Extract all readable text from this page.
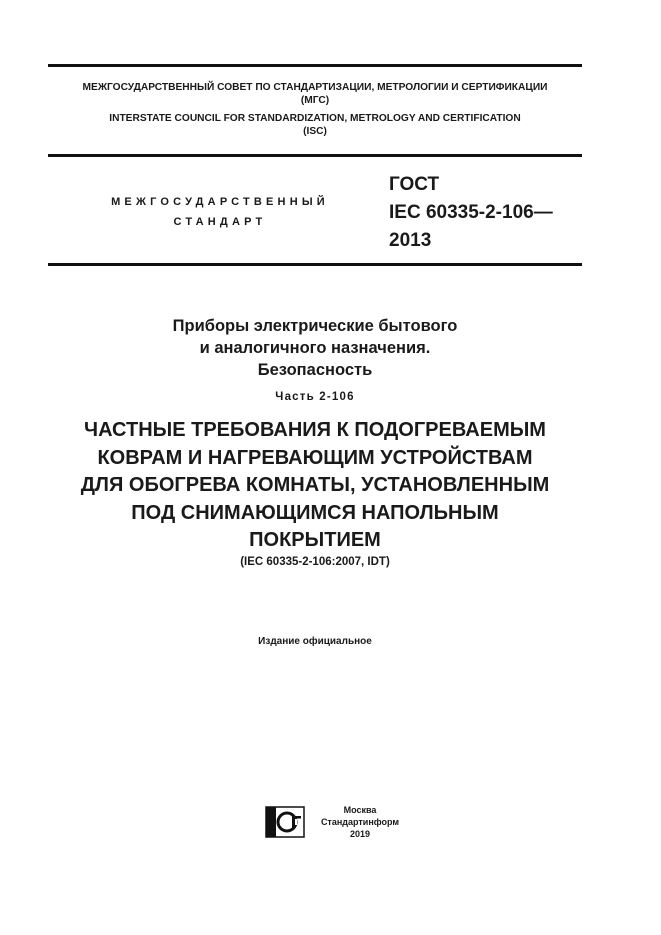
МЕЖГОСУДАРСТВЕННЫЙ СОВЕТ ПО СТАНДАРТИЗАЦИИ, МЕТРОЛОГИИ И СЕРТИФИКАЦИИ
(МГС)
INTERSTATE COUNCIL FOR STANDARDIZATION, METROLOGY AND CERTIFICATION
(ISC)
МЕЖГОСУДАРСТВЕННЫЙ
СТАНДАРТ
ГОСТ
IEC 60335-2-106—
2013
Приборы электрические бытового
и аналогичного назначения.
Безопасность
Часть 2-106
ЧАСТНЫЕ ТРЕБОВАНИЯ К ПОДОГРЕВАЕМЫМ
КОВРАМ И НАГРЕВАЮЩИМ УСТРОЙСТВАМ
ДЛЯ ОБОГРЕВА КОМНАТЫ, УСТАНОВЛЕННЫМ
ПОД СНИМАЮЩИМСЯ НАПОЛЬНЫМ
ПОКРЫТИЕМ
(IEC 60335-2-106:2007, IDT)
Издание официальное
Москва
Стандартинформ
2019
